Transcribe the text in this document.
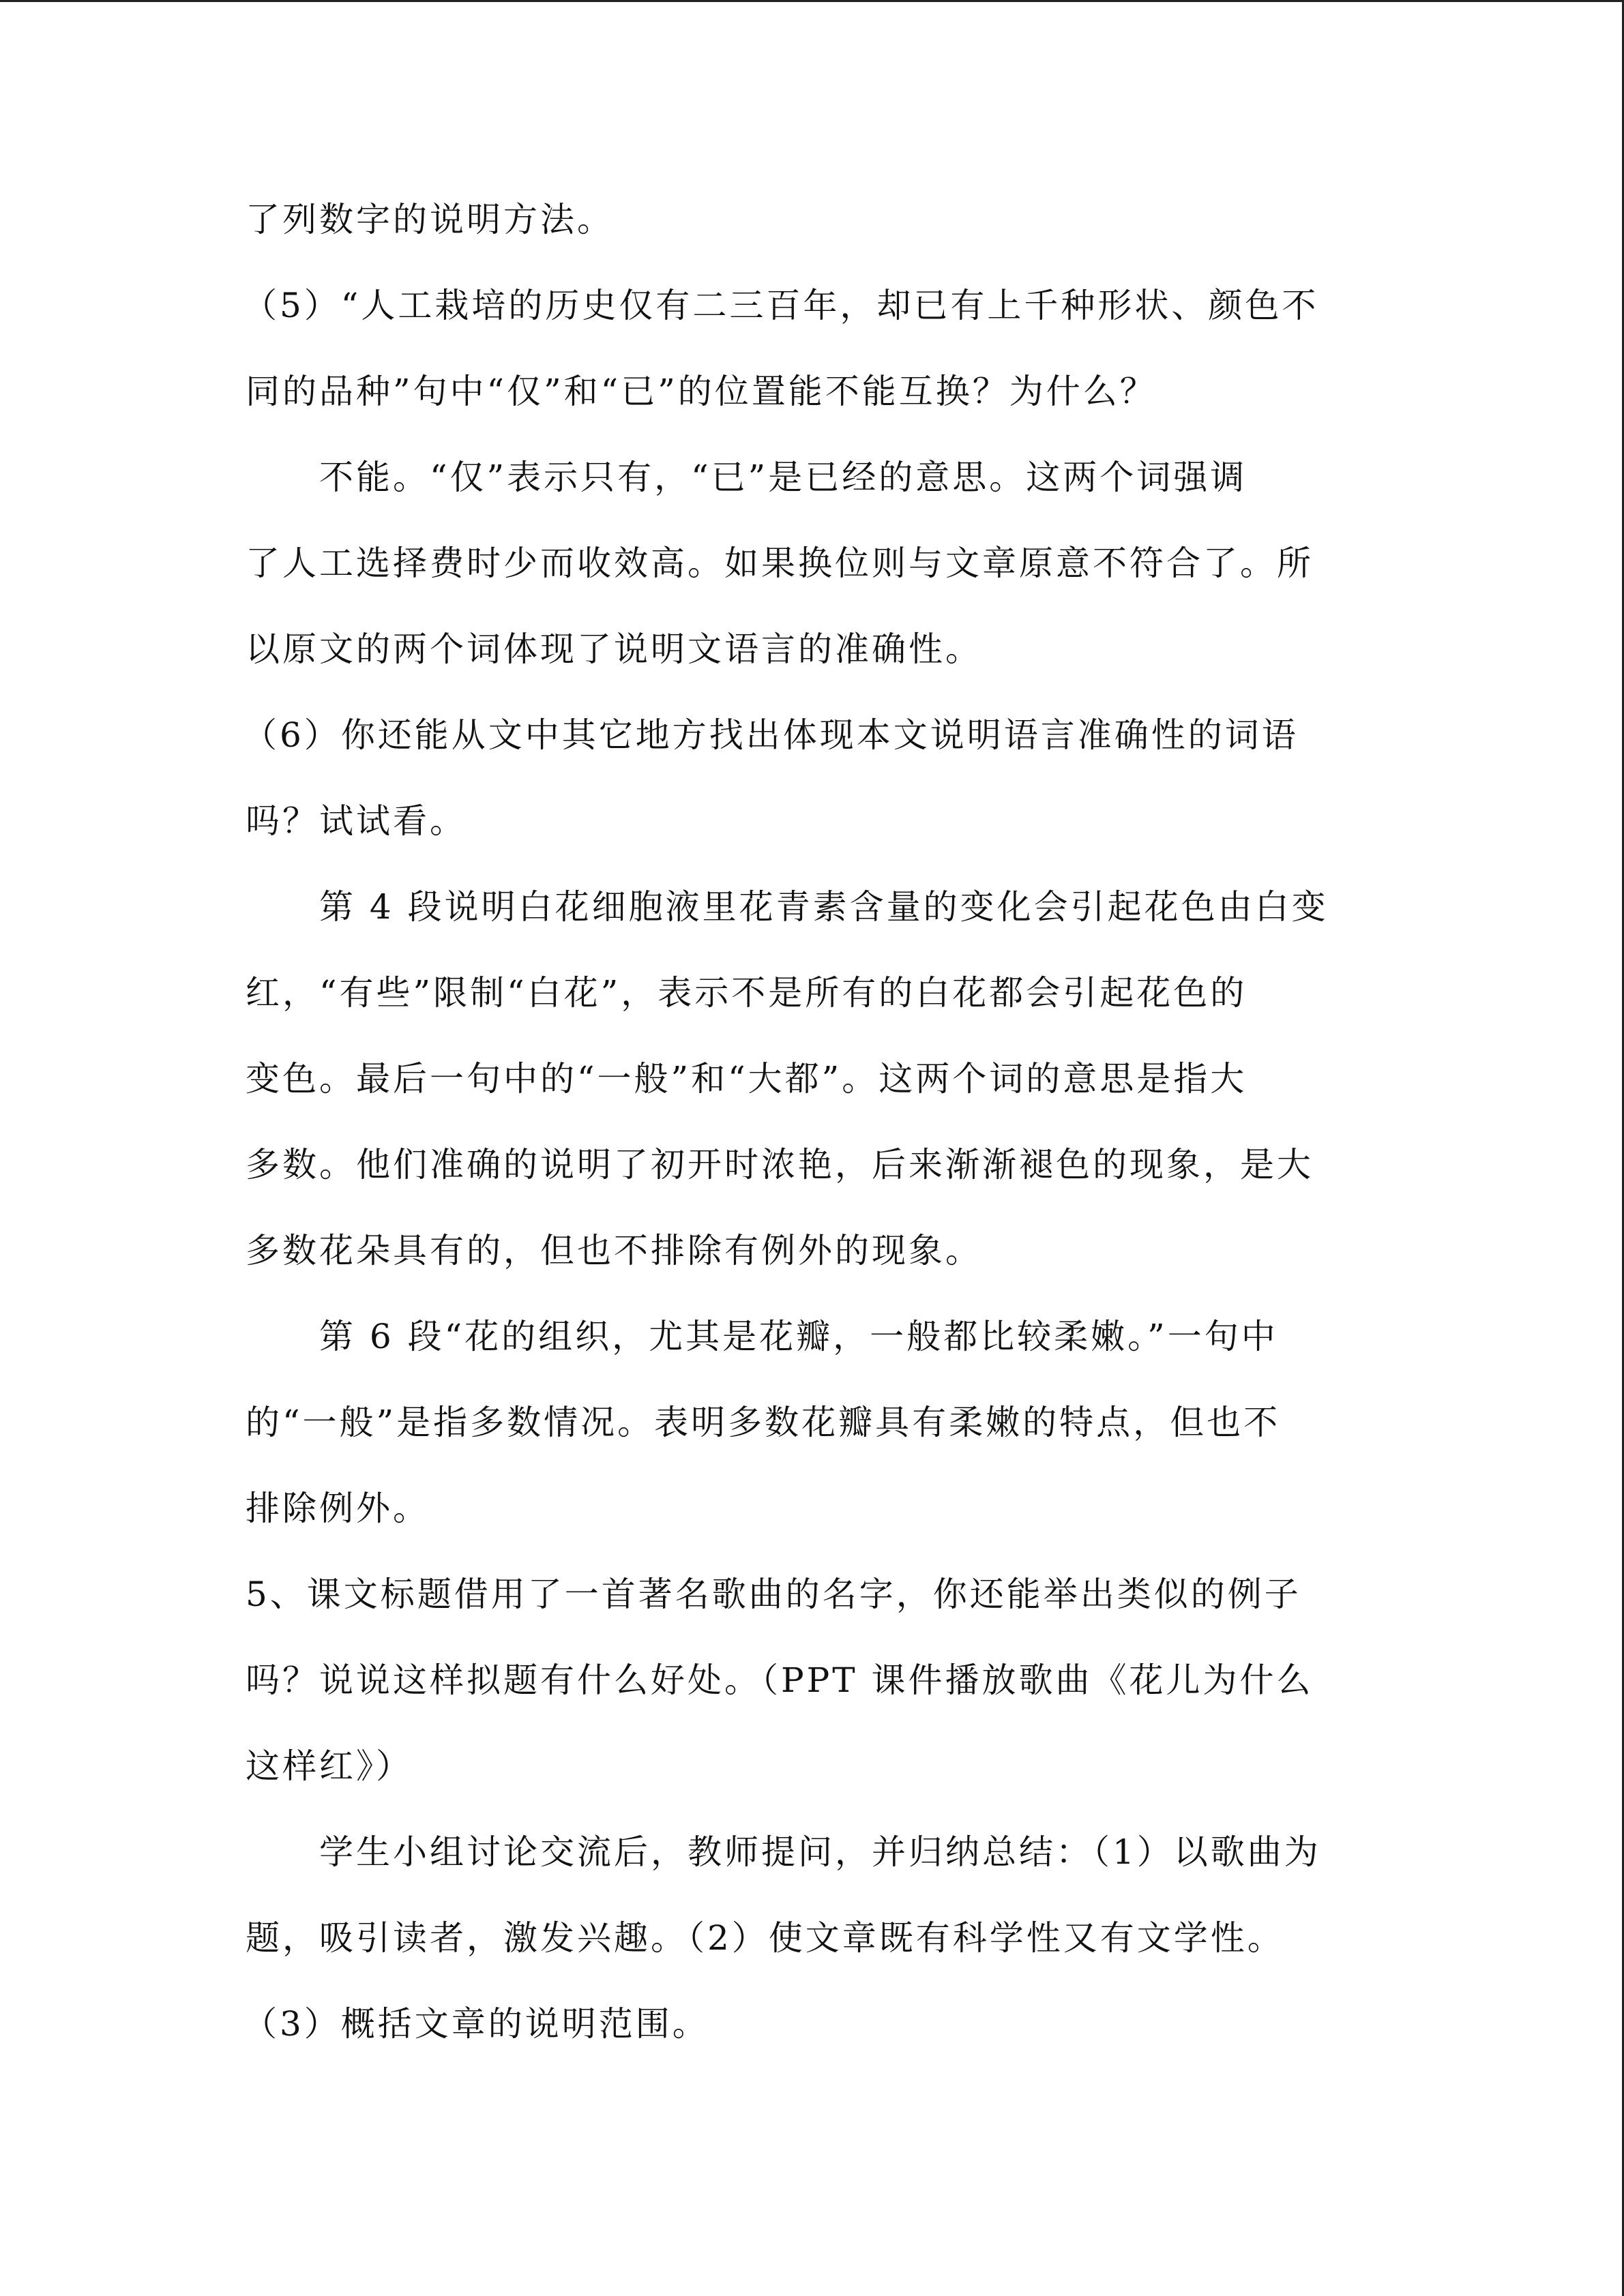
了列数字的说明方法。
（5）“人工栽培的历史仅有二三百年，却已有上千种形状、颜色不
同的品种”句中“仅”和“已”的位置能不能互换？为什么？
不能。“仅”表示只有，“已”是已经的意思。这两个词强调
了人工选择费时少而收效高。如果换位则与文章原意不符合了。所
以原文的两个词体现了说明文语言的准确性。
（6）你还能从文中其它地方找出体现本文说明语言准确性的词语
吗？试试看。
第 4 段说明白花细胞液里花青素含量的变化会引起花色由白变
红，“有些”限制“白花”，表示不是所有的白花都会引起花色的
变色。最后一句中的“一般”和“大都”。这两个词的意思是指大
多数。他们准确的说明了初开时浓艳，后来渐渐褪色的现象，是大
多数花朵具有的，但也不排除有例外的现象。
第 6 段“花的组织，尤其是花瓣，一般都比较柔嫩。”一句中
的“一般”是指多数情况。表明多数花瓣具有柔嫩的特点，但也不
排除例外。
5、课文标题借用了一首著名歌曲的名字，你还能举出类似的例子
吗？说说这样拟题有什么好处。（PPT 课件播放歌曲《花儿为什么
这样红》）
学生小组讨论交流后，教师提问，并归纳总结：（1）以歌曲为
题，吸引读者，激发兴趣。（2）使文章既有科学性又有文学性。
（3）概括文章的说明范围。
